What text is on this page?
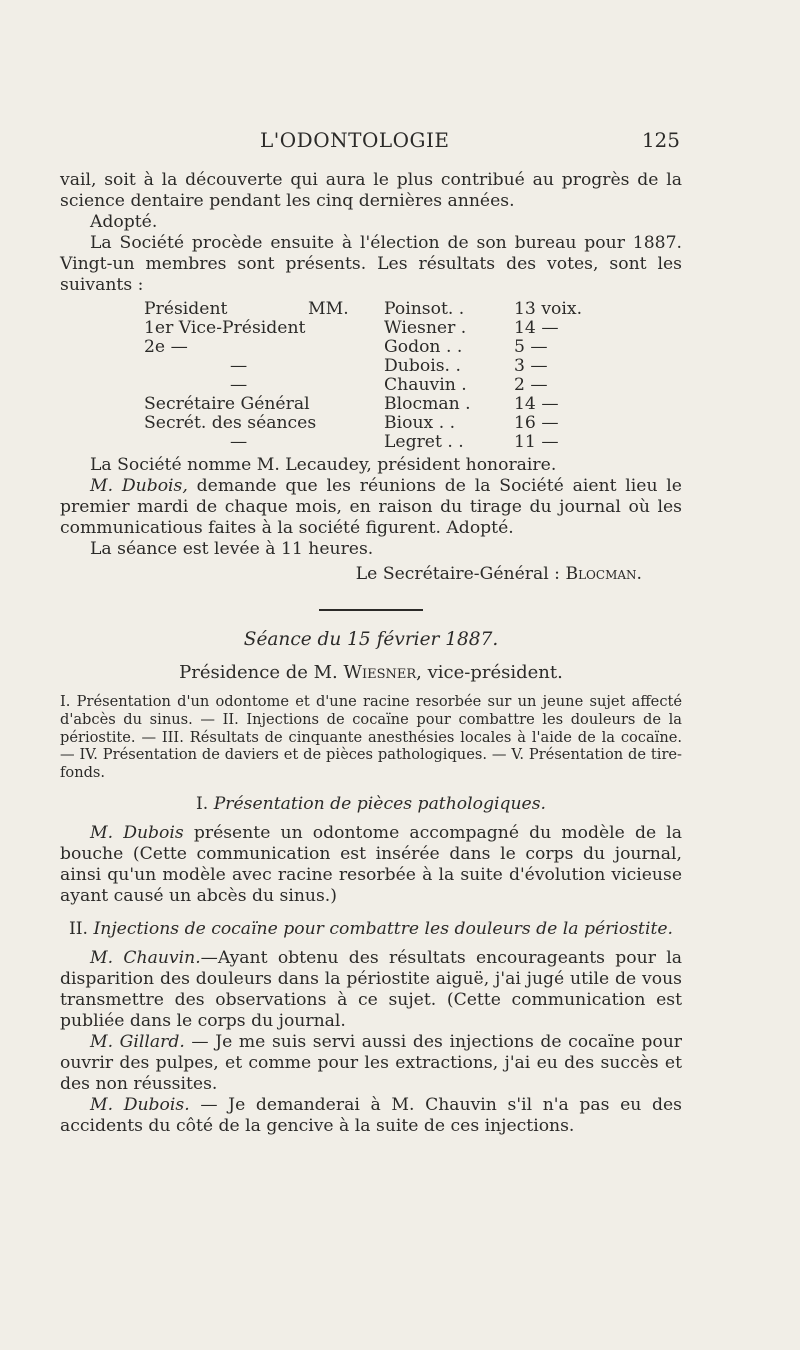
L'ODONTOLOGIE	125

vail, soit à la découverte qui aura le plus contribué au progrès de la science dentaire pendant les cinq dernières années.

Adopté.

La Société procède ensuite à l'élection de son bureau pour 1887. Vingt-un membres sont présents. Les résultats des votes, sont les suivants :

Président	MM. Poinsot. .	13 voix.
1er Vice-Président	Wiesner .	14 —
2e —	Godon . .	5 —
—	Dubois. .	3 —
—	Chauvin .	2 —
Secrétaire Général	Blocman .	14 —
Secrét. des séances	Bioux . .	16 —
—	Legret . .	11 —

La Société nomme M. Lecaudey, président honoraire.

M. Dubois, demande que les réunions de la Société aient lieu le premier mardi de chaque mois, en raison du tirage du journal où les communicatious faites à la société figurent. Adopté.

La séance est levée à 11 heures.

Le Secrétaire-Général : Blocman.

Séance du 15 février 1887.

Présidence de M. Wiesner, vice-président.

I. Présentation d'un odontome et d'une racine resorbée sur un jeune sujet affecté d'abcès du sinus. — II. Injections de cocaïne pour combattre les douleurs de la périostite. — III. Résultats de cinquante anesthésies locales à l'aide de la cocaïne. — IV. Présentation de daviers et de pièces pathologiques. — V. Présentation de tire-fonds.

I. Présentation de pièces pathologiques.

M. Dubois présente un odontome accompagné du modèle de la bouche (Cette communication est insérée dans le corps du journal, ainsi qu'un modèle avec racine resorbée à la suite d'évolution vicieuse ayant causé un abcès du sinus.)

II. Injections de cocaïne pour combattre les douleurs de la périostite.

M. Chauvin.—Ayant obtenu des résultats encourageants pour la disparition des douleurs dans la périostite aiguë, j'ai jugé utile de vous transmettre des observations à ce sujet. (Cette communication est publiée dans le corps du journal.

M. Gillard. — Je me suis servi aussi des injections de cocaïne pour ouvrir des pulpes, et comme pour les extractions, j'ai eu des succès et des non réussites.

M. Dubois. — Je demanderai à M. Chauvin s'il n'a pas eu des accidents du côté de la gencive à la suite de ces injections.
